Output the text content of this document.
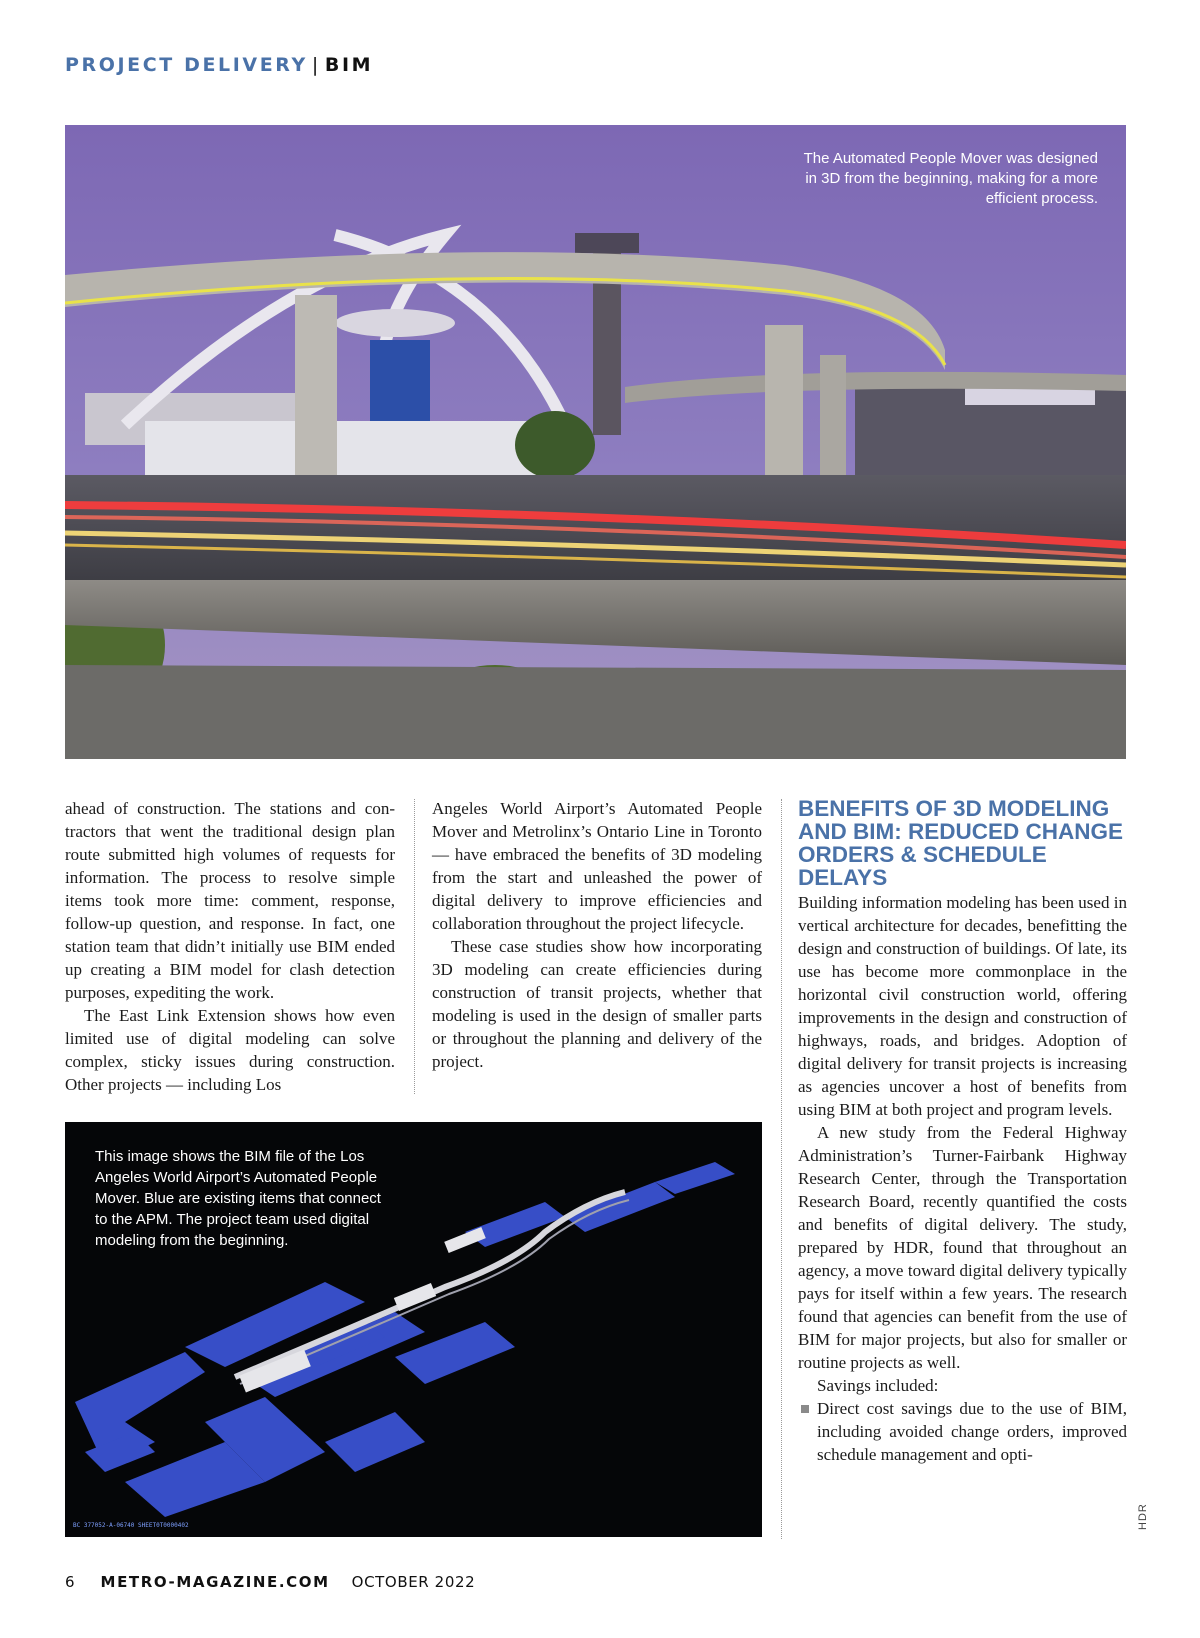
PROJECT DELIVERY | BIM
The Automated People Mover was designed in 3D from the beginning, making for a more efficient process.

ahead of construction. The stations and contractors that went the traditional design plan route submitted high volumes of requests for information. The process to resolve simple items took more time: comment, response, follow-up question, and response. In fact, one station team that didn’t initially use BIM ended up creating a BIM model for clash detection purposes, expediting the work.

The East Link Extension shows how even limited use of digital modeling can solve complex, sticky issues during construction. Other projects — including Los

Angeles World Airport’s Automated People Mover and Metrolinx’s Ontario Line in Toronto — have embraced the benefits of 3D modeling from the start and unleashed the power of digital delivery to improve efficiencies and collaboration throughout the project lifecycle.

These case studies show how incorporating 3D modeling can create efficiencies during construction of transit projects, whether that modeling is used in the design of smaller parts or throughout the planning and delivery of the project.

BENEFITS OF 3D MODELING AND BIM: REDUCED CHANGE ORDERS & SCHEDULE DELAYS

Building information modeling has been used in vertical architecture for decades, benefitting the design and construction of buildings. Of late, its use has become more commonplace in the horizontal civil construction world, offering improvements in the design and construction of highways, roads, and bridges. Adoption of digital delivery for transit projects is increasing as agencies uncover a host of benefits from using BIM at both project and program levels.

A new study from the Federal Highway Administration’s Turner-Fairbank Highway Research Center, through the Transportation Research Board, recently quantified the costs and benefits of digital delivery. The study, prepared by HDR, found that throughout an agency, a move toward digital delivery typically pays for itself within a few years. The research found that agencies can benefit from the use of BIM for major projects, but also for smaller or routine projects as well.

Savings included:

Direct cost savings due to the use of BIM, including avoided change orders, improved schedule management and opti-

This image shows the BIM file of the Los Angeles World Airport’s Automated People Mover. Blue are existing items that connect to the APM. The project team used digital modeling from the beginning.
BC 377052-A-06740 SHEET0T0000402	HDR
6 METRO-MAGAZINE.COM OCTOBER 2022
